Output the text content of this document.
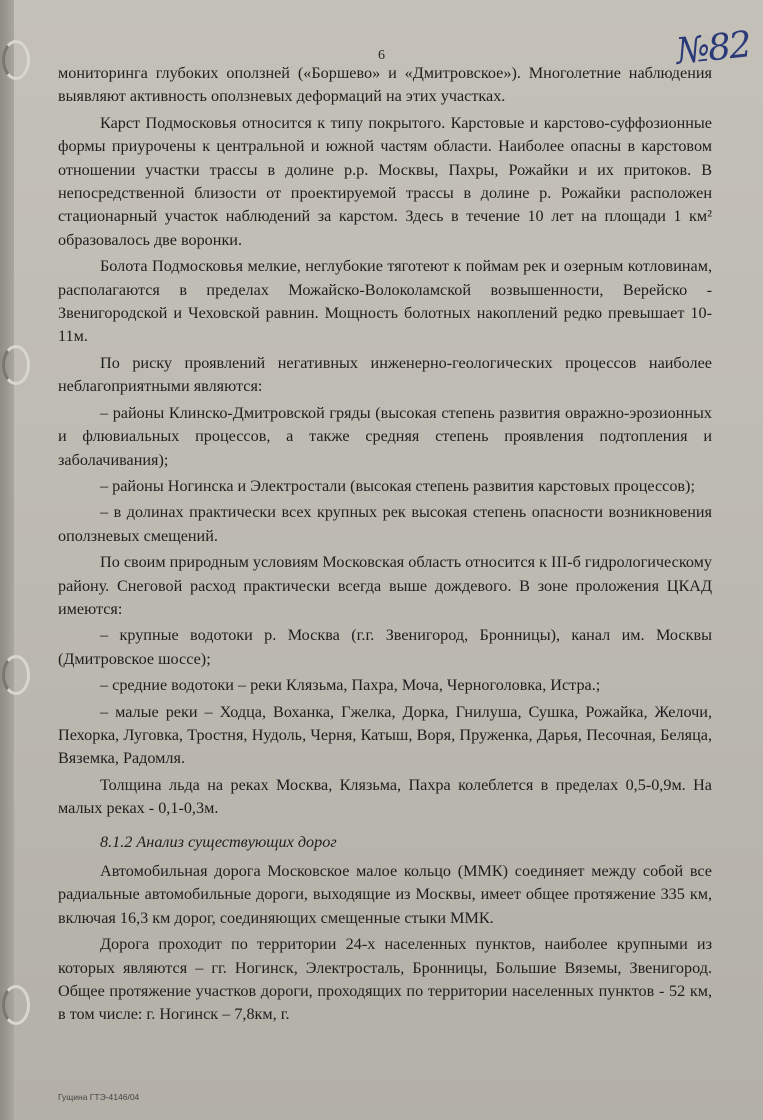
6	№82

мониторинга глубоких оползней («Боршево» и «Дмитровское»). Многолетние наблюдения выявляют активность оползневых деформаций на этих участках.

Карст Подмосковья относится к типу покрытого. Карстовые и карстово-суффозионные формы приурочены к центральной и южной частям области. Наиболее опасны в карстовом отношении участки трассы в долине р.р. Москвы, Пахры, Рожайки и их притоков. В непосредственной близости от проектируемой трассы в долине р. Рожайки расположен стационарный участок наблюдений за карстом. Здесь в течение 10 лет на площади 1 км² образовалось две воронки.

Болота Подмосковья мелкие, неглубокие тяготеют к поймам рек и озерным котловинам, располагаются в пределах Можайско-Волоколамской возвышенности, Верейско - Звенигородской и Чеховской равнин. Мощность болотных накоплений редко превышает 10-11м.

По риску проявлений негативных инженерно-геологических процессов наиболее неблагоприятными являются:

– районы Клинско-Дмитровской гряды (высокая степень развития овражно-эрозионных и флювиальных процессов, а также средняя степень проявления подтопления и заболачивания);

– районы Ногинска и Электростали (высокая степень развития карстовых процессов);

– в долинах практически всех крупных рек высокая степень опасности возникновения оползневых смещений.

По своим природным условиям Московская область относится к III-б гидрологическому району. Снеговой расход практически всегда выше дождевого. В зоне проложения ЦКАД имеются:

– крупные водотоки р. Москва (г.г. Звенигород, Бронницы), канал им. Москвы (Дмитровское шоссе);

– средние водотоки – реки Клязьма, Пахра, Моча, Черноголовка, Истра.;

– малые реки – Ходца, Воханка, Гжелка, Дорка, Гнилуша, Сушка, Рожайка, Желочи, Пехорка, Луговка, Тростня, Нудоль, Черня, Катыш, Воря, Пруженка, Дарья, Песочная, Беляца, Вяземка, Радомля.

Толщина льда на реках Москва, Клязьма, Пахра колеблется в пределах 0,5-0,9м. На малых реках - 0,1-0,3м.

8.1.2 Анализ существующих дорог

Автомобильная дорога Московское малое кольцо (ММК) соединяет между собой все радиальные автомобильные дороги, выходящие из Москвы, имеет общее протяжение 335 км, включая 16,3 км дорог, соединяющих смещенные стыки ММК.

Дорога проходит по территории 24-х населенных пунктов, наиболее крупными из которых являются – гг. Ногинск, Электросталь, Бронницы, Большие Вяземы, Звенигород. Общее протяжение участков дороги, проходящих по территории населенных пунктов - 52 км, в том числе: г. Ногинск – 7,8км, г.

Гущина ГТЭ-4146/04
